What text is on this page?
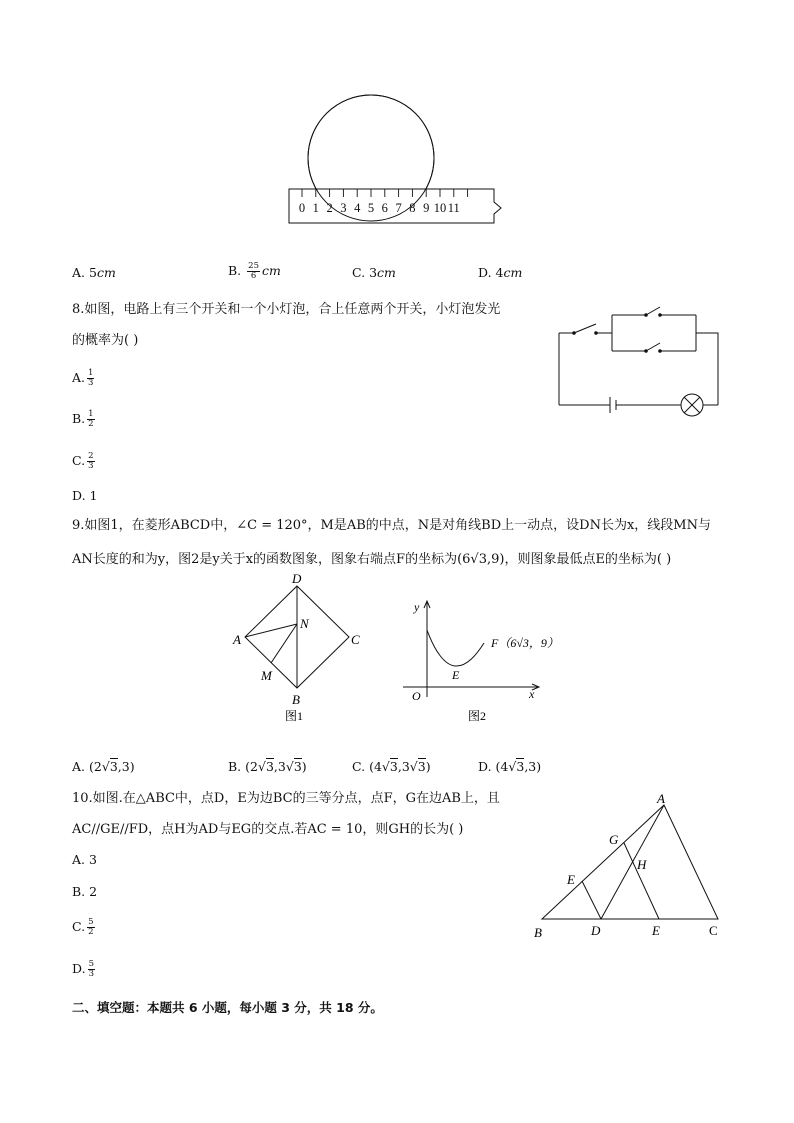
0 1 2 3 4 5 6 7 8 9 10 11
A. 5cm	B. $\frac{25}{6}$ cm	C. 3cm	D. 4cm
8.如图，电路上有三个开关和一个小灯泡，合上任意两个开关，小灯泡发光
的概率为( )
A. $\frac{1}{3}$
B. $\frac{1}{2}$
C. $\frac{2}{3}$
D. 1
9.如图1，在菱形ABCD中，∠C = 120°，M是AB的中点，N是对角线BD上一动点，设DN长为x，线段MN与
AN长度的和为y，图2是y关于x的函数图象，图象右端点F的坐标为(6√3,9)，则图象最低点E的坐标为( )
D
A	C
N
M
B
图1
y
x
O
E
F（6√3，9）
图2
A. (2√3,3)	B. (2√3,3√3)	C. (4√3,3√3)	D. (4√3,3)
10.如图.在△ABC中，点D，E为边BC的三等分点，点F，G在边AB上，且
AC//GE//FD，点H为AD与EG的交点.若AC = 10，则GH的长为( )
A. 3
B. 2
C. $\frac{5}{2}$
D. $\frac{5}{3}$
A
G
H
E
B	D	E	C
二、填空题：本题共 6 小题，每小题 3 分，共 18 分。
